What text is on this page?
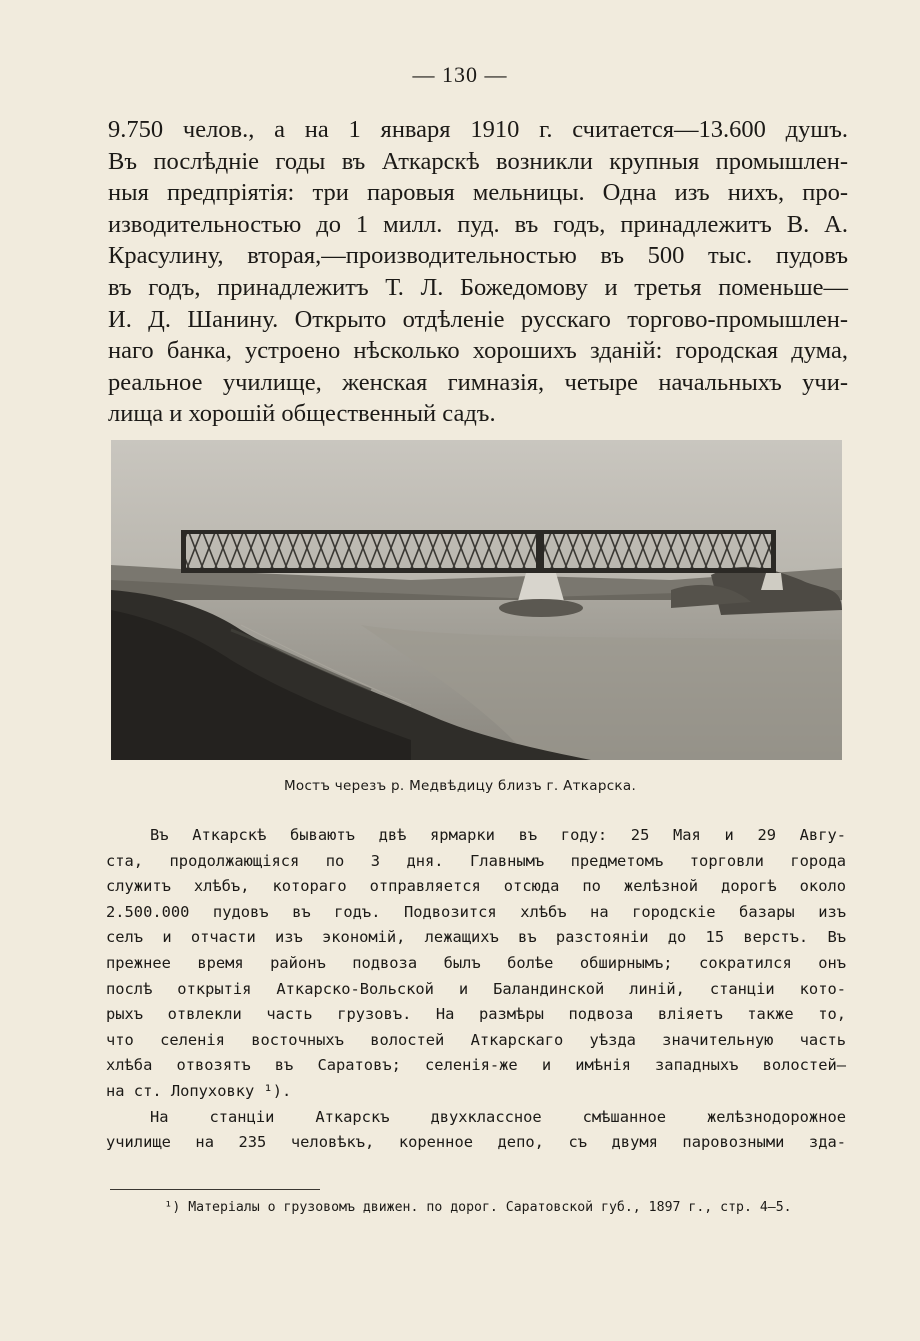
— 130 —
9.750 челов., а на 1 января 1910 г. считается—13.600 душъ.
Въ послѣдніе годы въ Аткарскѣ возникли крупныя промышлен-
ныя предпріятія: три паровыя мельницы. Одна изъ нихъ, про-
изводительностью до 1 милл. пуд. въ годъ, принадлежитъ В. А.
Красулину, вторая,—производительностью въ 500 тыс. пудовъ
въ годъ, принадлежитъ Т. Л. Божедомову и третья поменьше—
И. Д. Шанину. Открыто отдѣленіе русскаго торгово-промышлен-
наго банка, устроено нѣсколько хорошихъ зданій: городская дума,
реальное училище, женская гимназія, четыре начальныхъ учи-
лища и хорошій общественный садъ.
Мостъ черезъ р. Медвѣдицу близъ г. Аткарска.
Въ Аткарскѣ бываютъ двѣ ярмарки въ году: 25 Мая и 29 Авгу-
ста, продолжающіяся по 3 дня. Главнымъ предметомъ торговли города
служитъ хлѣбъ, котораго отправляется отсюда по желѣзной дорогѣ около
2.500.000 пудовъ въ годъ. Подвозится хлѣбъ на городскіе базары изъ
селъ и отчасти изъ экономій, лежащихъ въ разстояніи до 15 верстъ. Въ
прежнее время районъ подвоза былъ болѣе обширнымъ; сократился онъ
послѣ открытія Аткарско-Вольской и Баландинской линій, станціи кото-
рыхъ отвлекли часть грузовъ. На размѣры подвоза вліяетъ также то,
что селенія восточныхъ волостей Аткарскаго уѣзда значительную часть
хлѣба отвозятъ въ Саратовъ; селенія-же и имѣнія западныхъ волостей—
на ст. Лопуховку ¹).
На станціи Аткарскъ двухклассное смѣшанное желѣзнодорожное
училище на 235 человѣкъ, коренное депо, съ двумя паровозными зда-
¹) Матеріалы о грузовомъ движен. по дорог. Саратовской губ., 1897 г., стр. 4—5.
